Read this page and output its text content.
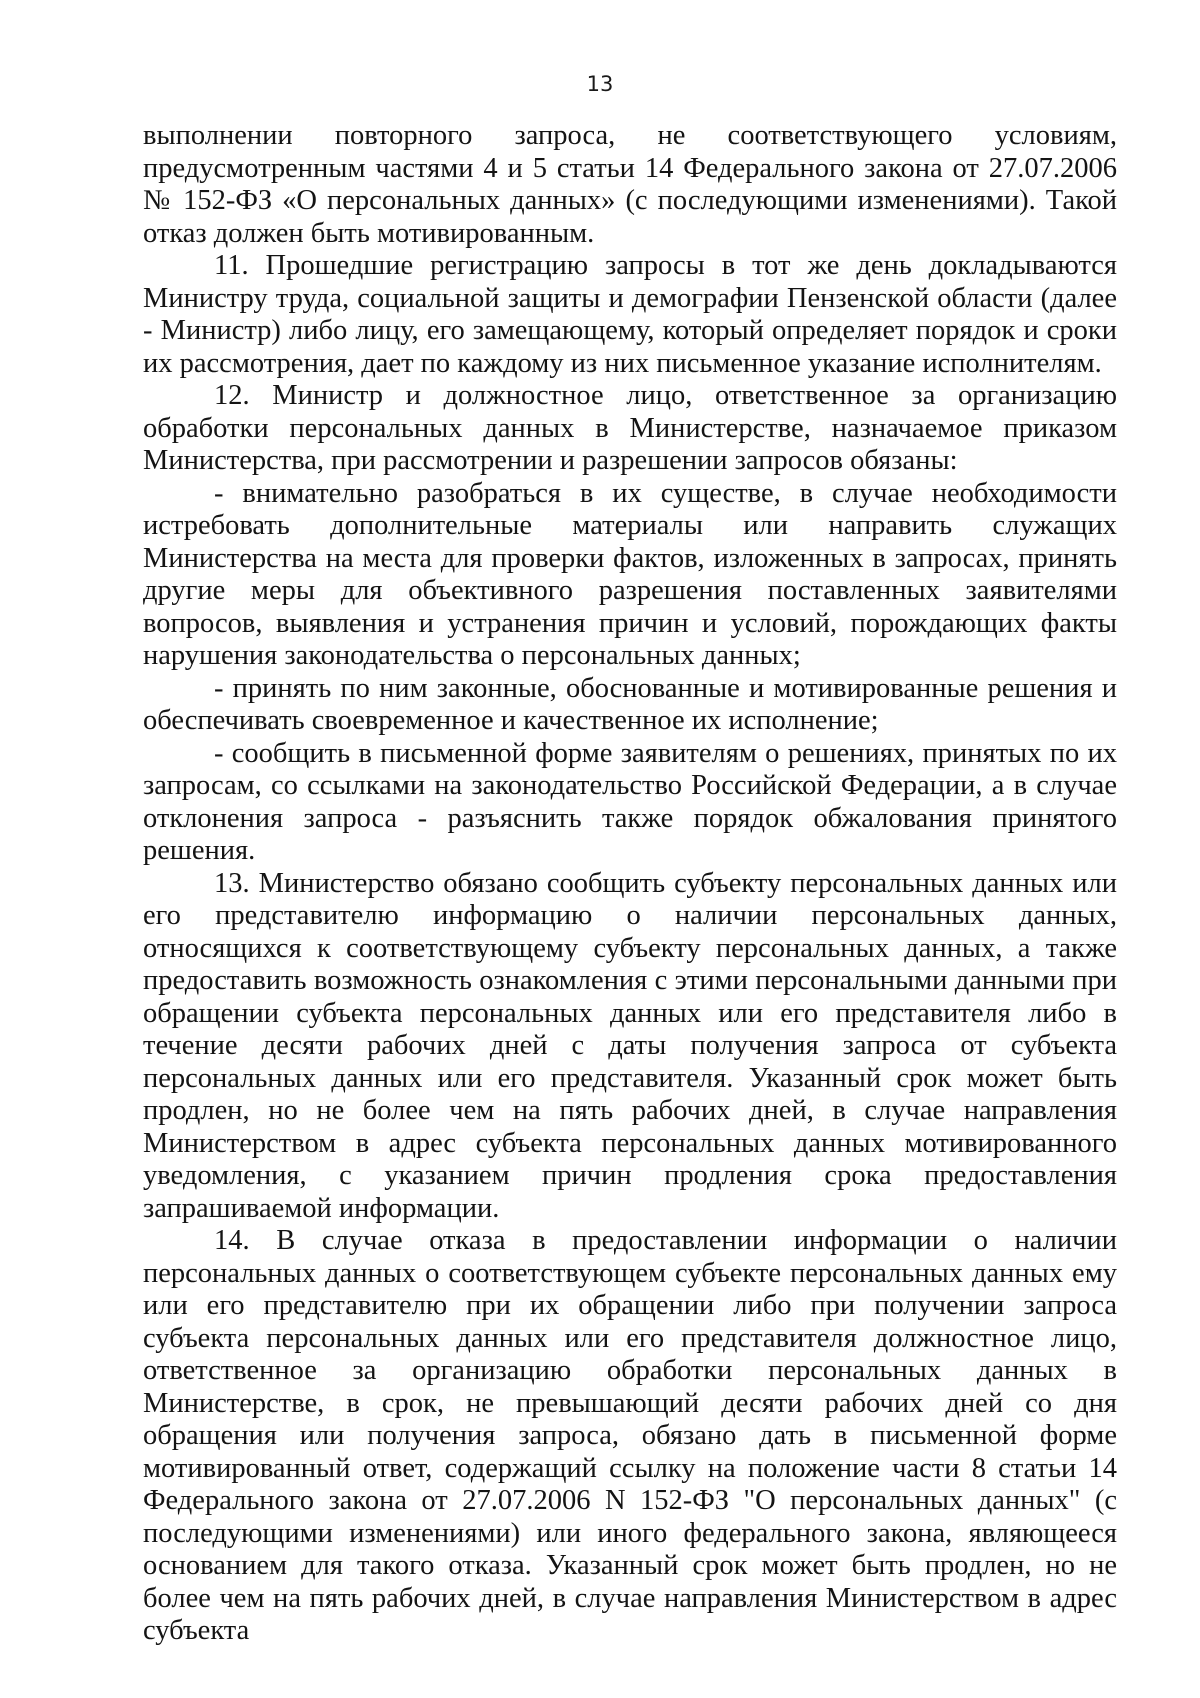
13

выполнении повторного запроса, не соответствующего условиям, предусмотренным частями 4 и 5 статьи 14 Федерального закона от 27.07.2006 № 152-ФЗ «О персональных данных» (с последующими изменениями). Такой отказ должен быть мотивированным.

11. Прошедшие регистрацию запросы в тот же день докладываются Министру труда, социальной защиты и демографии Пензенской области (далее - Министр) либо лицу, его замещающему, который определяет порядок и сроки их рассмотрения, дает по каждому из них письменное указание исполнителям.

12. Министр и должностное лицо, ответственное за организацию обработки персональных данных в Министерстве, назначаемое приказом Министерства, при рассмотрении и разрешении запросов обязаны:

- внимательно разобраться в их существе, в случае необходимости истребовать дополнительные материалы или направить служащих Министерства на места для проверки фактов, изложенных в запросах, принять другие меры для объективного разрешения поставленных заявителями вопросов, выявления и устранения причин и условий, порождающих факты нарушения законодательства о персональных данных;

- принять по ним законные, обоснованные и мотивированные решения и обеспечивать своевременное и качественное их исполнение;

- сообщить в письменной форме заявителям о решениях, принятых по их запросам, со ссылками на законодательство Российской Федерации, а в случае отклонения запроса - разъяснить также порядок обжалования принятого решения.

13. Министерство обязано сообщить субъекту персональных данных или его представителю информацию о наличии персональных данных, относящихся к соответствующему субъекту персональных данных, а также предоставить возможность ознакомления с этими персональными данными при обращении субъекта персональных данных или его представителя либо в течение десяти рабочих дней с даты получения запроса от субъекта персональных данных или его представителя. Указанный срок может быть продлен, но не более чем на пять рабочих дней, в случае направления Министерством в адрес субъекта персональных данных мотивированного уведомления, с указанием причин продления срока предоставления запрашиваемой информации.

14. В случае отказа в предоставлении информации о наличии персональных данных о соответствующем субъекте персональных данных ему или его представителю при их обращении либо при получении запроса субъекта персональных данных или его представителя должностное лицо, ответственное за организацию обработки персональных данных в Министерстве, в срок, не превышающий десяти рабочих дней со дня обращения или получения запроса, обязано дать в письменной форме мотивированный ответ, содержащий ссылку на положение части 8 статьи 14 Федерального закона от 27.07.2006 N 152-ФЗ "О персональных данных" (с последующими изменениями) или иного федерального закона, являющееся основанием для такого отказа. Указанный срок может быть продлен, но не более чем на пять рабочих дней, в случае направления Министерством в адрес субъекта
